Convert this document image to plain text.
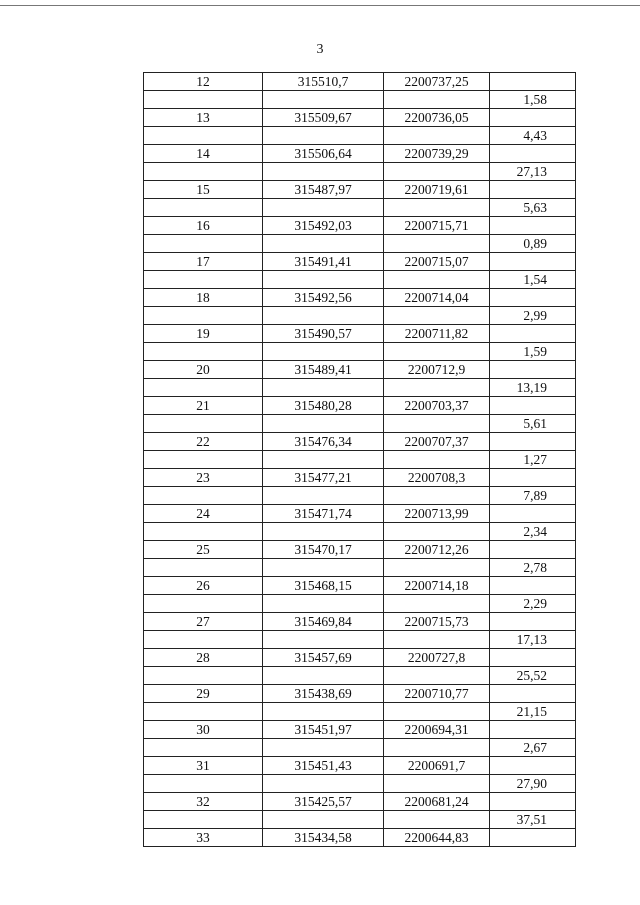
3
12	315510,7	2200737,25	
			1,58
13	315509,67	2200736,05	
			4,43
14	315506,64	2200739,29	
			27,13
15	315487,97	2200719,61	
			5,63
16	315492,03	2200715,71	
			0,89
17	315491,41	2200715,07	
			1,54
18	315492,56	2200714,04	
			2,99
19	315490,57	2200711,82	
			1,59
20	315489,41	2200712,9	
			13,19
21	315480,28	2200703,37	
			5,61
22	315476,34	2200707,37	
			1,27
23	315477,21	2200708,3	
			7,89
24	315471,74	2200713,99	
			2,34
25	315470,17	2200712,26	
			2,78
26	315468,15	2200714,18	
			2,29
27	315469,84	2200715,73	
			17,13
28	315457,69	2200727,8	
			25,52
29	315438,69	2200710,77	
			21,15
30	315451,97	2200694,31	
			2,67
31	315451,43	2200691,7	
			27,90
32	315425,57	2200681,24	
			37,51
33	315434,58	2200644,83	
